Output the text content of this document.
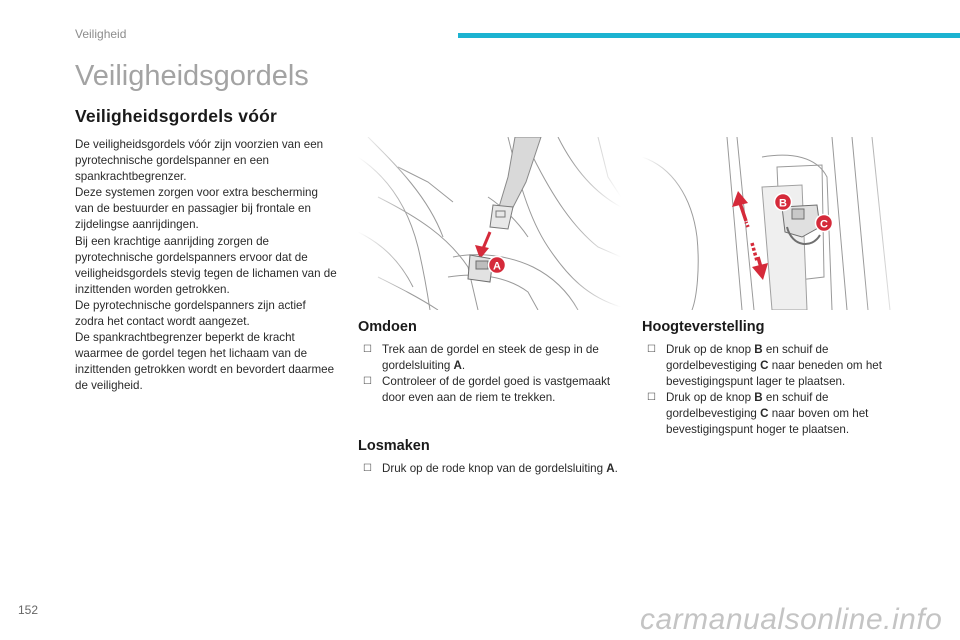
Veiligheid
Veiligheidsgordels
Veiligheidsgordels vóór

De veiligheidsgordels vóór zijn voorzien van een pyrotechnische gordelspanner en een spankrachtbegrenzer.

Deze systemen zorgen voor extra bescherming van de bestuurder en passagier bij frontale en zijdelingse aanrijdingen.

Bij een krachtige aanrijding zorgen de pyrotechnische gordelspanners ervoor dat de veiligheidsgordels stevig tegen de lichamen van de inzittenden worden getrokken.

De pyrotechnische gordelspanners zijn actief zodra het contact wordt aangezet.

De spankrachtbegrenzer beperkt de kracht waarmee de gordel tegen het lichaam van de inzittenden getrokken wordt en bevordert daarmee de veiligheid.

A
B
C
Omdoen
☐ Trek aan de gordel en steek de gesp in de gordelsluiting A.
☐ Controleer of de gordel goed is vastgemaakt door even aan de riem te trekken.
Losmaken
☐ Druk op de rode knop van de gordelsluiting A.
Hoogteverstelling
☐ Druk op de knop B en schuif de gordelbevestiging C naar beneden om het bevestigingspunt lager te plaatsen.
☐ Druk op de knop B en schuif de gordelbevestiging C naar boven om het bevestigingspunt hoger te plaatsen.
152	carmanualsonline.info
